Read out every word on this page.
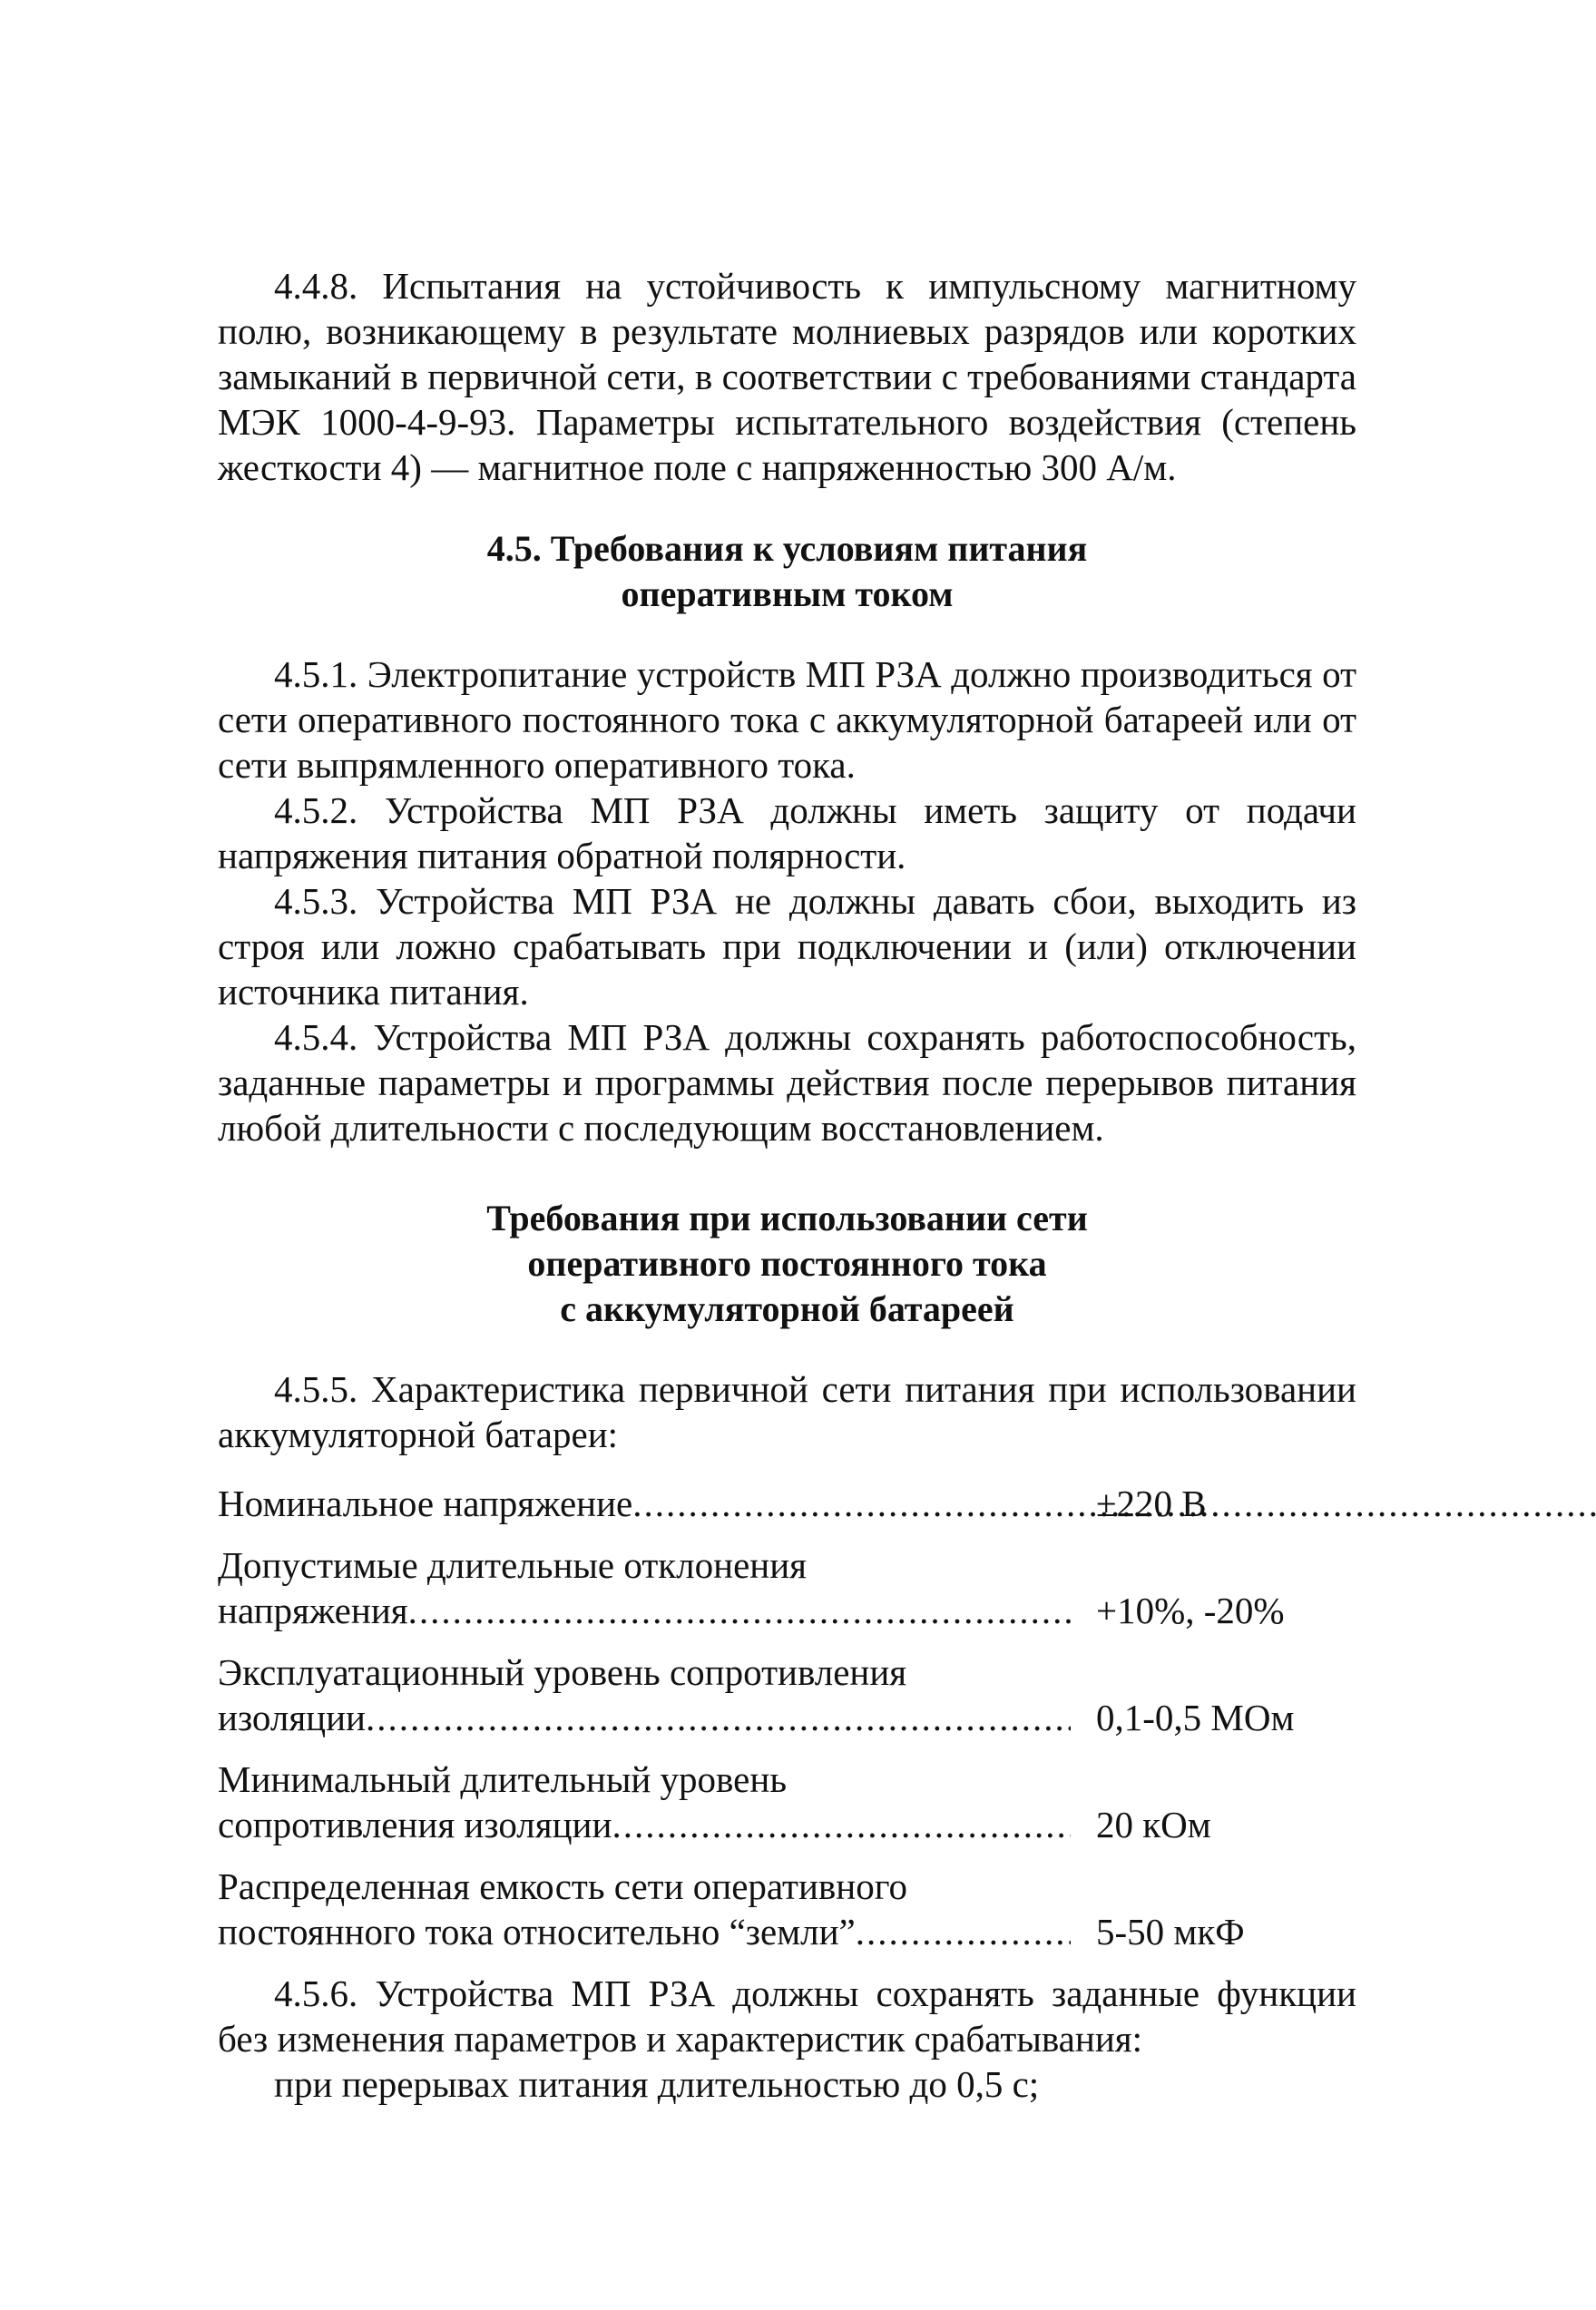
4.4.8. Испытания на устойчивость к импульсному магнитному полю, возникающему в результате молниевых разрядов или коротких замыканий в первичной сети, в соответствии с требованиями стандарта МЭК 1000-4-9-93. Параметры испытательного воздействия (степень жесткости 4) — магнитное поле с напряженностью 300 А/м.

4.5. Требования к условиям питания
оперативным током

4.5.1. Электропитание устройств МП РЗА должно производиться от сети оперативного постоянного тока с аккумуляторной батареей или от сети выпрямленного оперативного тока.

4.5.2. Устройства МП РЗА должны иметь защиту от подачи напряжения питания обратной полярности.

4.5.3. Устройства МП РЗА не должны давать сбои, выходить из строя или ложно срабатывать при подключении и (или) отключении источника питания.

4.5.4. Устройства МП РЗА должны сохранять работоспособность, заданные параметры и программы действия после перерывов питания любой длительности с последующим восстановлением.

Требования при использовании сети
оперативного постоянного тока
с аккумуляторной батареей

4.5.5. Характеристика первичной сети питания при использовании аккумуляторной батареи:

Номинальное напряжение .....	±220 В
Допустимые длительные отклонения
напряжения .....	+10%, -20%
Эксплуатационный уровень сопротивления
изоляции .....	0,1-0,5 МОм
Минимальный длительный уровень
сопротивления изоляции .....	20 кОм
Распределенная емкость сети оперативного
постоянного тока относительно “земли” .....	5-50 мкФ

4.5.6. Устройства МП РЗА должны сохранять заданные функции без изменения параметров и характеристик срабатывания:

при перерывах питания длительностью до 0,5 с;
